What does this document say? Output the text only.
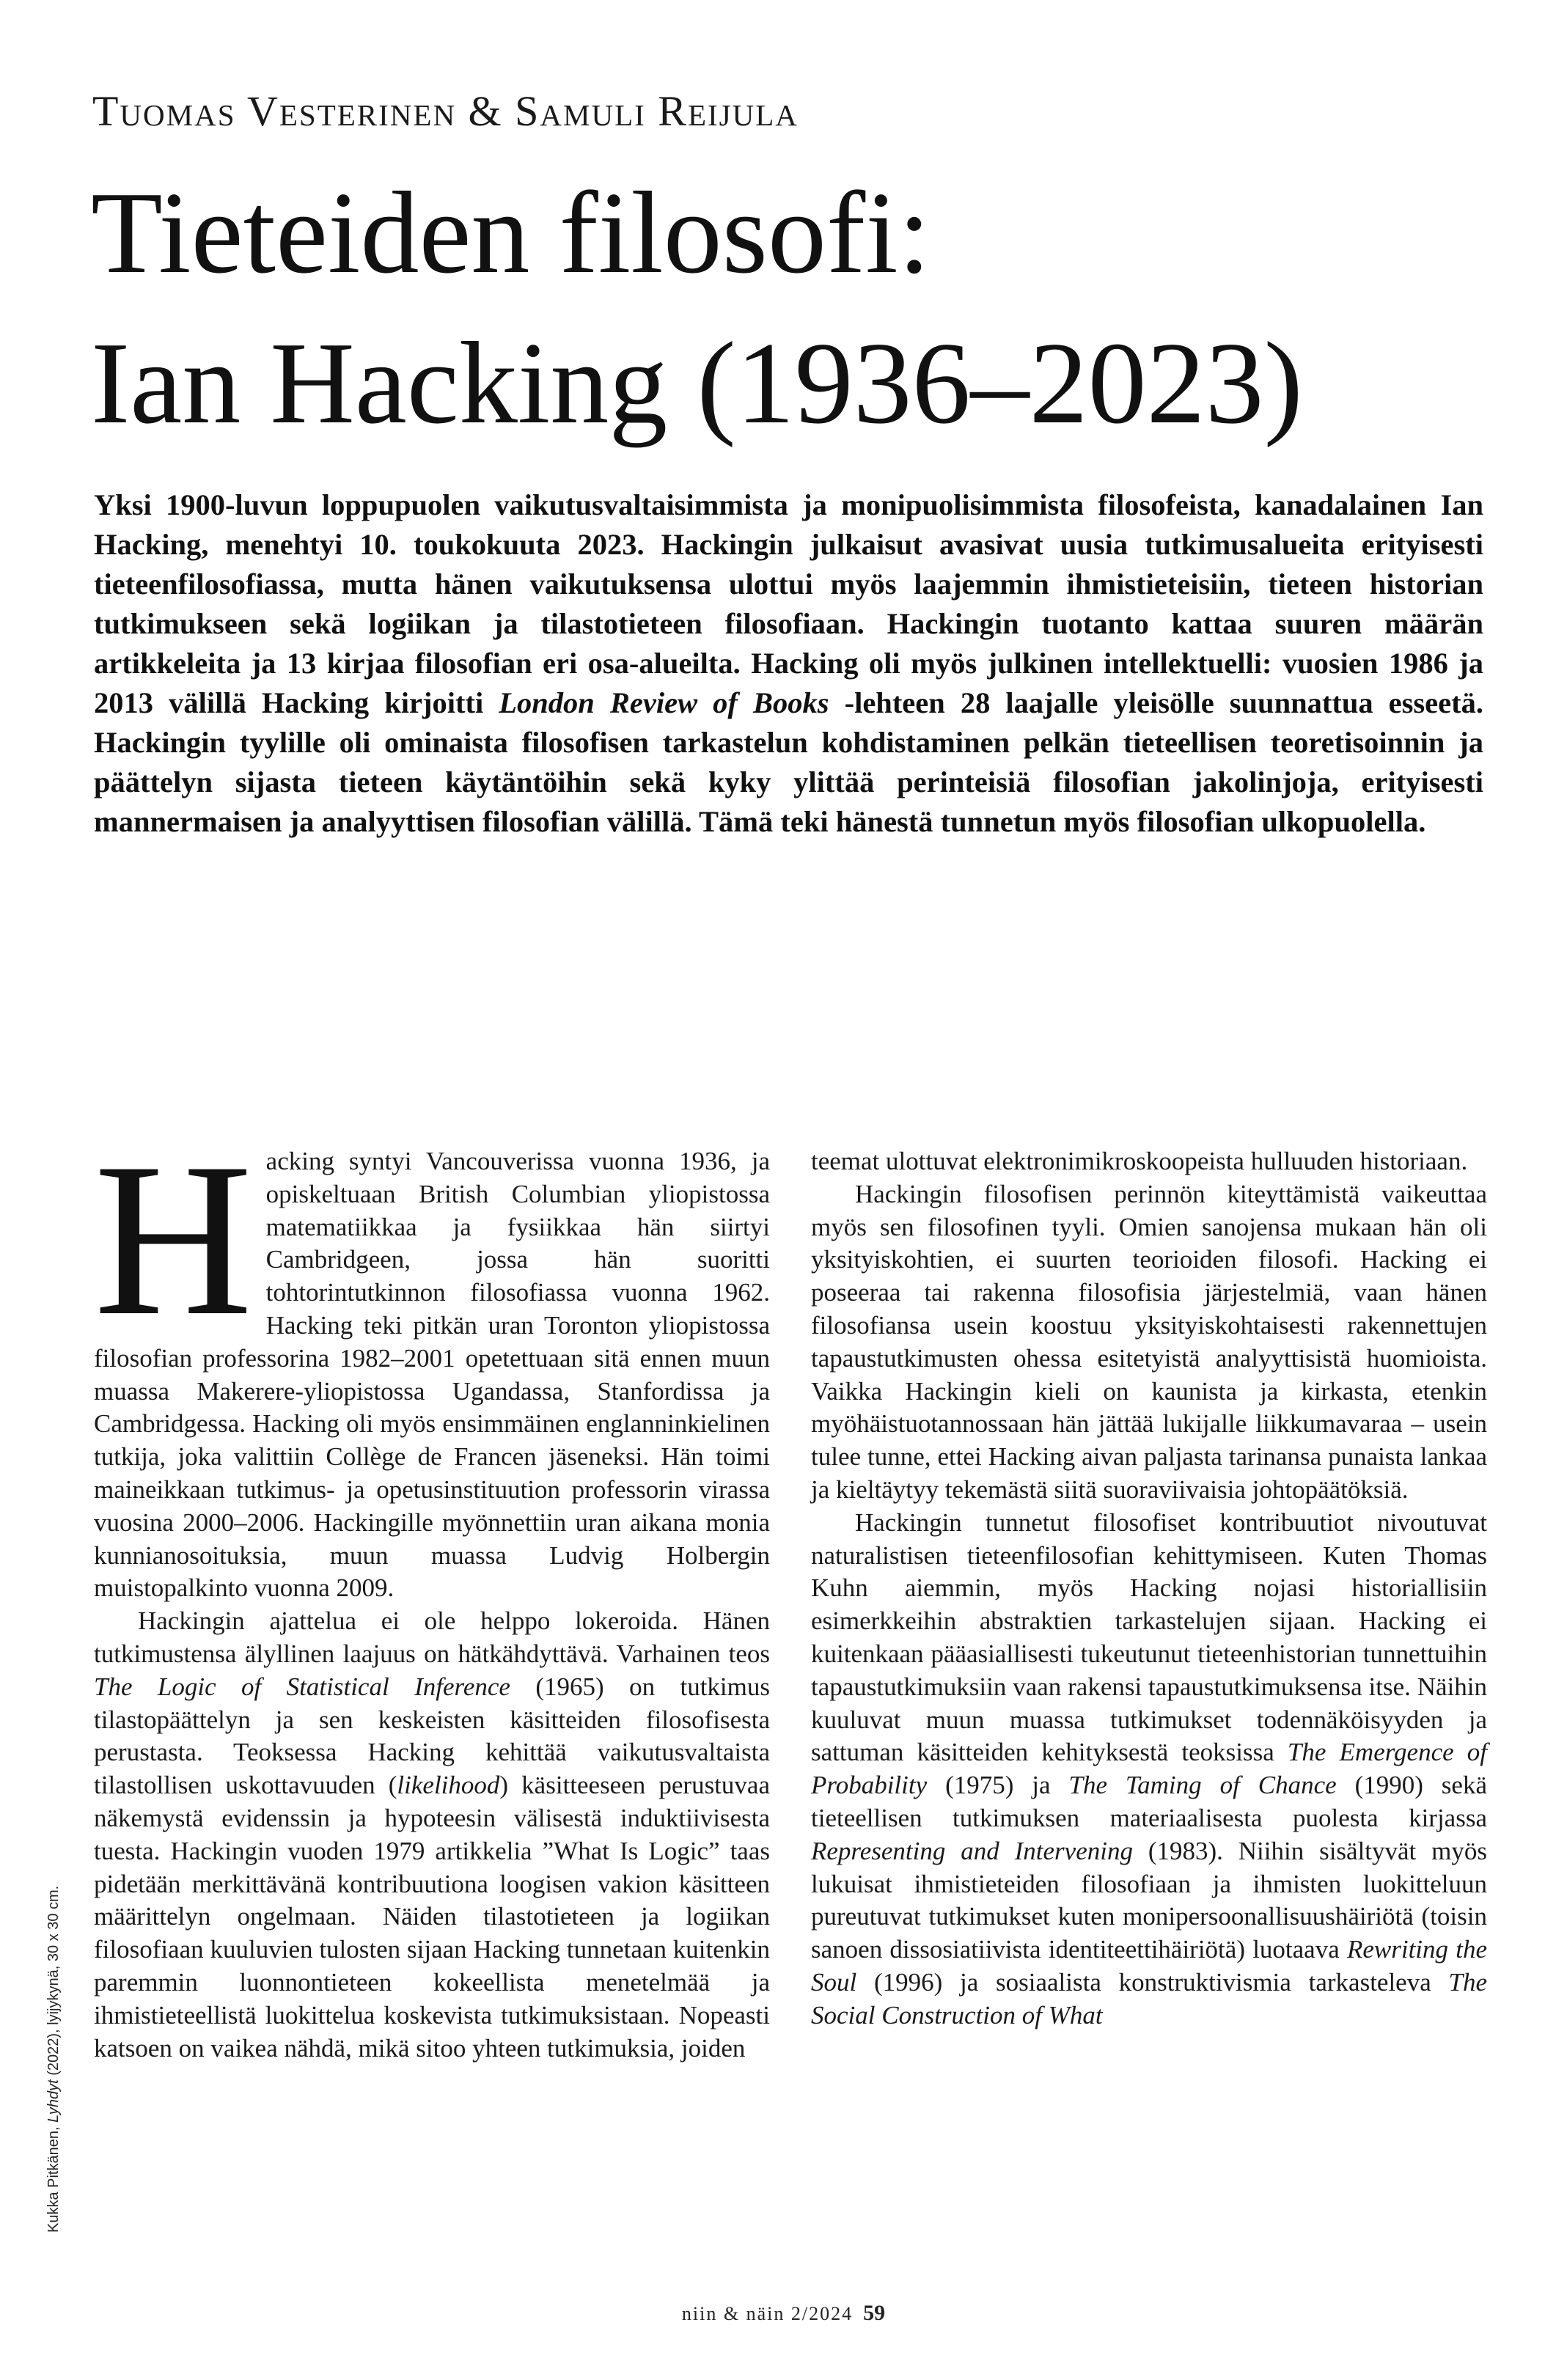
Tuomas Vesterinen & Samuli Reijula
Tieteiden filosofi:
Ian Hacking (1936–2023)

Yksi 1900-luvun loppupuolen vaikutusvaltaisimmista ja monipuolisimmista filosofeista, kanadalainen Ian Hacking, menehtyi 10. toukokuuta 2023. Hackingin julkaisut avasivat uusia tutkimusalueita erityisesti tieteenfilosofiassa, mutta hänen vaikutuksensa ulottui myös laajemmin ihmistieteisiin, tieteen historian tutkimukseen sekä logiikan ja tilastotieteen filosofiaan. Hackingin tuotanto kattaa suuren määrän artikkeleita ja 13 kirjaa filosofian eri osa-alueilta. Hacking oli myös julkinen intellektuelli: vuosien 1986 ja 2013 välillä Hacking kirjoitti London Review of Books -lehteen 28 laajalle yleisölle suunnattua esseetä. Hackingin tyylille oli ominaista filosofisen tarkastelun kohdistaminen pelkän tieteellisen teoretisoinnin ja päättelyn sijasta tieteen käytäntöihin sekä kyky ylittää perinteisiä filosofian jakolinjoja, erityisesti mannermaisen ja analyyttisen filosofian välillä. Tämä teki hänestä tunnetun myös filosofian ulkopuolella.

Hacking syntyi Vancouverissa vuonna 1936, ja opiskeltuaan British Columbian yliopistossa matematiikkaa ja fysiikkaa hän siirtyi Cambridgeen, jossa hän suoritti tohtorintutkinnon filosofiassa vuonna 1962. Hacking teki pitkän uran Toronton yliopistossa filosofian professorina 1982–2001 opetettuaan sitä ennen muun muassa Makerere-yliopistossa Ugandassa, Stanfordissa ja Cambridgessa. Hacking oli myös ensimmäinen englanninkielinen tutkija, joka valittiin Collège de Francen jäseneksi. Hän toimi maineikkaan tutkimus- ja opetusinstituution professorin virassa vuosina 2000–2006. Hackingille myönnettiin uran aikana monia kunnianosoituksia, muun muassa Ludvig Holbergin muistopalkinto vuonna 2009.

Hackingin ajattelua ei ole helppo lokeroida. Hänen tutkimustensa älyllinen laajuus on hätkähdyttävä. Varhainen teos The Logic of Statistical Inference (1965) on tutkimus tilastopäättelyn ja sen keskeisten käsitteiden filosofisesta perustasta. Teoksessa Hacking kehittää vaikutusvaltaista tilastollisen uskottavuuden (likelihood) käsitteeseen perustuvaa näkemystä evidenssin ja hypoteesin välisestä induktiivisesta tuesta. Hackingin vuoden 1979 artikkelia ”What Is Logic” taas pidetään merkittävänä kontribuutiona loogisen vakion käsitteen määrittelyn ongelmaan. Näiden tilastotieteen ja logiikan filosofiaan kuuluvien tulosten sijaan Hacking tunnetaan kuitenkin paremmin luonnontieteen kokeellista menetelmää ja ihmistieteellistä luokittelua koskevista tutkimuksistaan. Nopeasti katsoen on vaikea nähdä, mikä sitoo yhteen tutkimuksia, joiden

teemat ulottuvat elektronimikroskoopeista hulluuden historiaan.

Hackingin filosofisen perinnön kiteyttämistä vaikeuttaa myös sen filosofinen tyyli. Omien sanojensa mukaan hän oli yksityiskohtien, ei suurten teorioiden filosofi. Hacking ei poseeraa tai rakenna filosofisia järjestelmiä, vaan hänen filosofiansa usein koostuu yksityiskohtaisesti rakennettujen tapaustutkimusten ohessa esitetyistä analyyttisistä huomioista. Vaikka Hackingin kieli on kaunista ja kirkasta, etenkin myöhäistuotannossaan hän jättää lukijalle liikkumavaraa – usein tulee tunne, ettei Hacking aivan paljasta tarinansa punaista lankaa ja kieltäytyy tekemästä siitä suoraviivaisia johtopäätöksiä.

Hackingin tunnetut filosofiset kontribuutiot nivoutuvat naturalistisen tieteenfilosofian kehittymiseen. Kuten Thomas Kuhn aiemmin, myös Hacking nojasi historiallisiin esimerkkeihin abstraktien tarkastelujen sijaan. Hacking ei kuitenkaan pääasiallisesti tukeutunut tieteenhistorian tunnettuihin tapaustutkimuksiin vaan rakensi tapaustutkimuksensa itse. Näihin kuuluvat muun muassa tutkimukset todennäköisyyden ja sattuman käsitteiden kehityksestä teoksissa The Emergence of Probability (1975) ja The Taming of Chance (1990) sekä tieteellisen tutkimuksen materiaalisesta puolesta kirjassa Representing and Intervening (1983). Niihin sisältyvät myös lukuisat ihmistieteiden filosofiaan ja ihmisten luokitteluun pureutuvat tutkimukset kuten monipersoonallisuushäiriötä (toisin sanoen dissosiatiivista identiteettihäiriötä) luotaava Rewriting the Soul (1996) ja sosiaalista konstruktivismia tarkasteleva The Social Construction of What

Kukka Pitkänen, Lyhdyt (2022), lyijykynä, 30 x 30 cm.
niin & näin 2/2024 59
